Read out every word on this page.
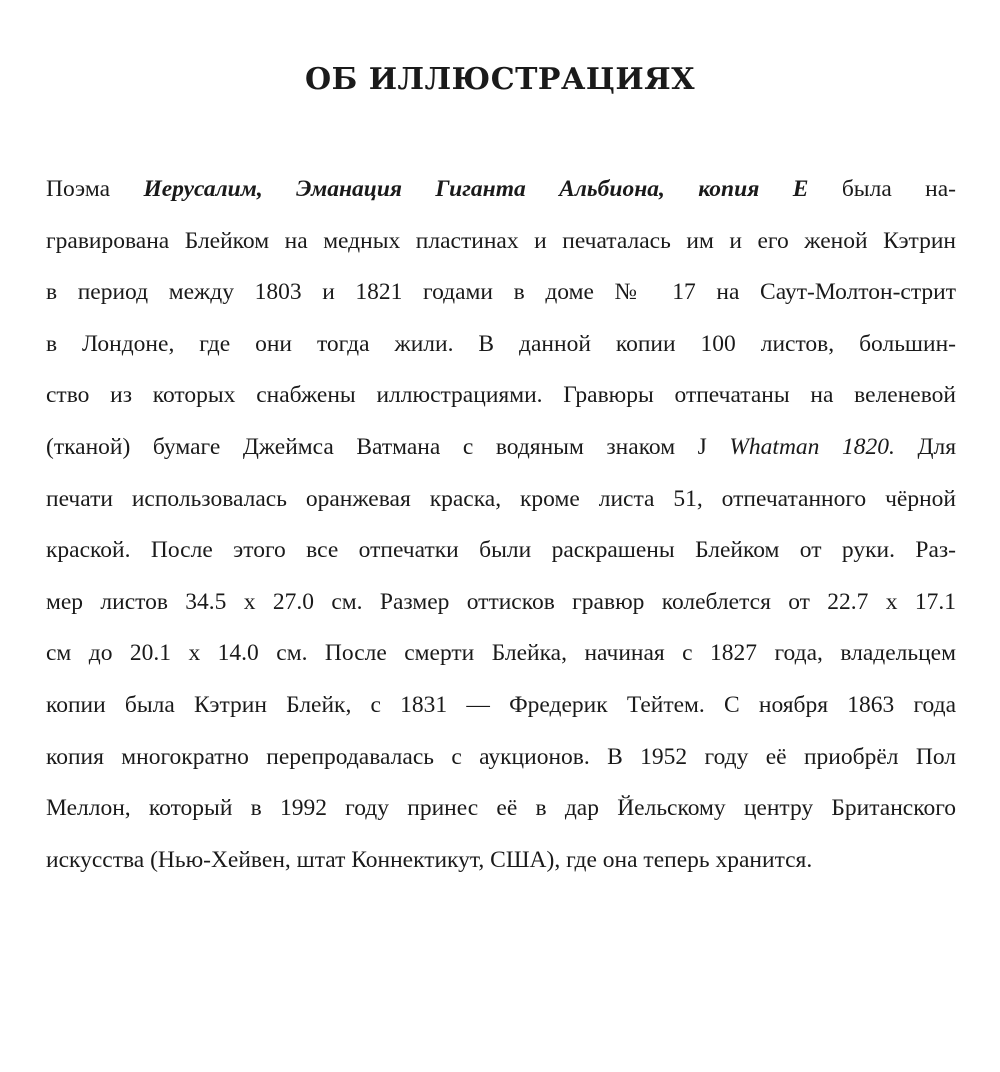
ОБ ИЛЛЮСТРАЦИЯХ
Поэма Иерусалим, Эманация Гиганта Альбиона, копия E была на-
гравирована Блейком на медных пластинах и печаталась им и его женой Кэтрин
в период между 1803 и 1821 годами в доме № 17 на Саут-Молтон-стрит
в Лондоне, где они тогда жили. В данной копии 100 листов, большин-
ство из которых снабжены иллюстрациями. Гравюры отпечатаны на веленевой
(тканой) бумаге Джеймса Ватмана с водяным знаком J Whatman 1820. Для
печати использовалась оранжевая краска, кроме листа 51, отпечатанного чёрной
краской. После этого все отпечатки были раскрашены Блейком от руки. Раз-
мер листов 34.5 х 27.0 см. Размер оттисков гравюр колеблется от 22.7 х 17.1
см до 20.1 х 14.0 см. После смерти Блейка, начиная с 1827 года, владельцем
копии была Кэтрин Блейк, с 1831 — Фредерик Тейтем. С ноября 1863 года
копия многократно перепродавалась с аукционов. В 1952 году её приобрёл Пол
Меллон, который в 1992 году принес её в дар Йельскому центру Британского
искусства (Нью-Хейвен, штат Коннектикут, США), где она теперь хранится.
